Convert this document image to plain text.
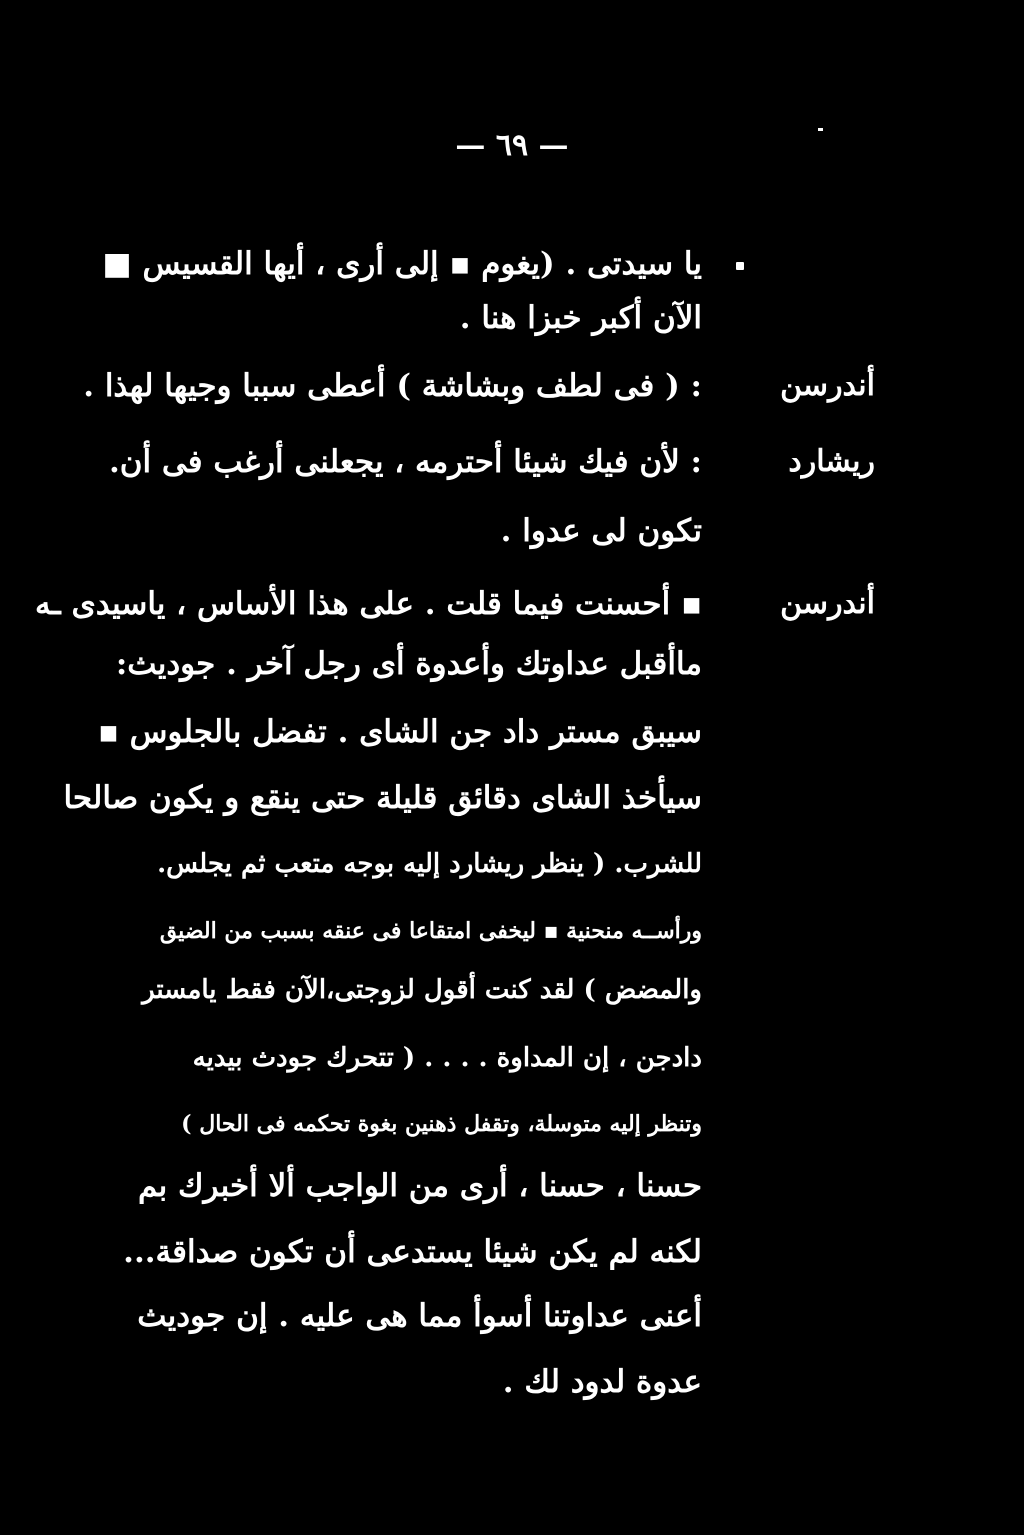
— ٦٩ —
يا سيدتى . (يغوم ▪ إلى أرى ، أيها القسيس ■
الآن أكبر خبزا هنا .
أندرسن
: ( فى لطف وبشاشة ) أعطى سببا وجيها لهذا .
ريشارد
: لأن فيك شيئا أحترمه ، يجعلنى أرغب فى أن.
تكون لى عدوا .
أندرسن
▪ أحسنت فيما قلت . على هذا الأساس ، ياسيدى ـه
ماأقبل عداوتك وأعدوة أى رجل آخر . جوديث:
سيبق مستر داد جن الشاى . تفضل بالجلوس ▪
سيأخذ الشاى دقائق قليلة حتى ينقع و يكون صالحا
للشرب. ( ينظر ريشارد إليه بوجه متعب ثم يجلس.
ورأســه منحنية ▪ ليخفى امتقاعا فى عنقه بسبب من الضيق
والمضض ) لقد كنت أقول لزوجتى،الآن فقط يامستر
دادجن ، إن المداوة . . . . ( تتحرك جودث بيديه
وتنظر إليه متوسلة، وتقفل ذهنين بغوة تحكمه فى الحال )
حسنا ، حسنا ، أرى من الواجب ألا أخبرك بم
لكنه لم يكن شيئا يستدعى أن تكون صداقة...
أعنى عداوتنا أسوأ مما هى عليه . إن جوديث
عدوة لدود لك .
